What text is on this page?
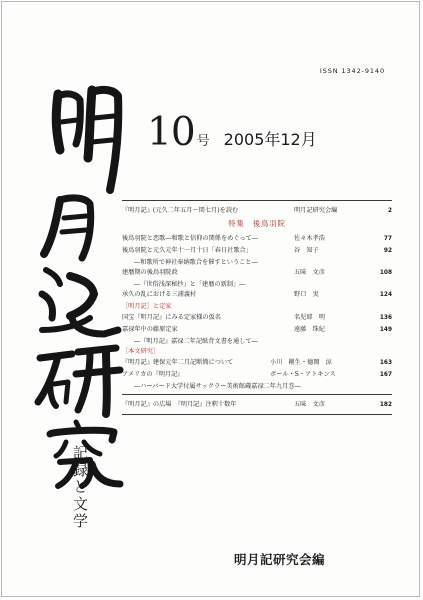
ISSN 1342-9140
記録と文学
10 号 2005年12月
『明月記』(元久二年五月～閏七月)を読む	明月記研究会編	2
特集　後鳥羽院
後鳥羽院と恋歌―和歌と信仰の関係をめぐって―	佐々木孝浩	77
後鳥羽院と元久元年十一月十日「春日社歌合」	谷　知子	92
―和歌所で神社奉納歌合を催すということ―
建暦期の後鳥羽院政	五味　文彦	108
―『世俗浅深秘抄』と「建暦の新制」―
承久の乱における三浦義村	野口　実	124
［明月記］と定家
国宝『明月記』にみる定家様の仮名	名児耶　明	136
嘉禄年中の藤原定家	遠藤　珠紀	149
―『明月記』嘉禄二年記紙背文書を通して―
［本文研究］
『明月記』建保元年二月記断簡について	小川　剛生・德岡　涼	163
アメリカの『明月記』	ボール・S・アトキンス	167
―ハーバード大学付属サックラー美術館蔵嘉禄二年九月巻―
『明月記』の広場　『明月記』注釈十数年	五味　文彦	182
明月記研究会編
